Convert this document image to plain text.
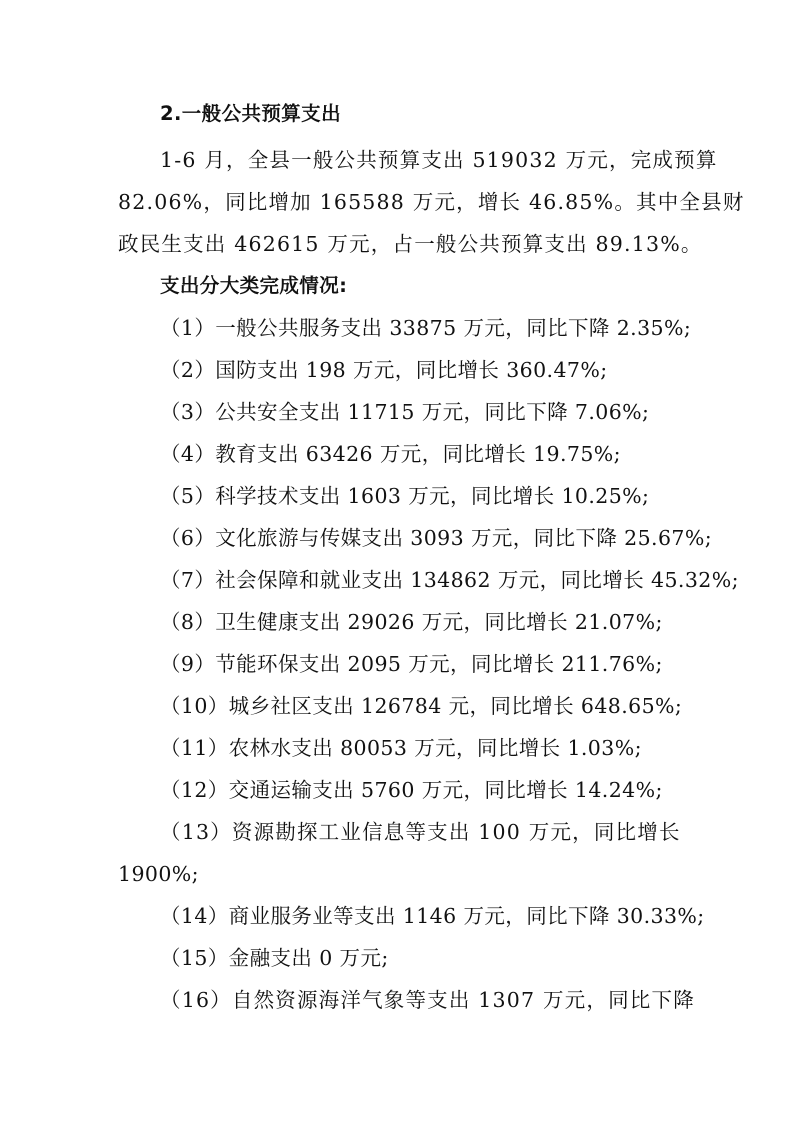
2.一般公共预算支出
1-6 月，全县一般公共预算支出 519032 万元，完成预算
82.06%，同比增加 165588 万元，增长 46.85%。其中全县财
政民生支出 462615 万元，占一般公共预算支出 89.13%。
支出分大类完成情况:
（1）一般公共服务支出 33875 万元，同比下降 2.35%;
（2）国防支出 198 万元，同比增长 360.47%;
（3）公共安全支出 11715 万元，同比下降 7.06%;
（4）教育支出 63426 万元，同比增长 19.75%;
（5）科学技术支出 1603 万元，同比增长 10.25%;
（6）文化旅游与传媒支出 3093 万元，同比下降 25.67%;
（7）社会保障和就业支出 134862 万元，同比增长 45.32%;
（8）卫生健康支出 29026 万元，同比增长 21.07%;
（9）节能环保支出 2095 万元，同比增长 211.76%;
（10）城乡社区支出 126784 元，同比增长 648.65%;
（11）农林水支出 80053 万元，同比增长 1.03%;
（12）交通运输支出 5760 万元，同比增长 14.24%;
（13）资源勘探工业信息等支出 100 万元，同比增长
1900%;
（14）商业服务业等支出 1146 万元，同比下降 30.33%;
（15）金融支出 0 万元;
（16）自然资源海洋气象等支出 1307 万元，同比下降
